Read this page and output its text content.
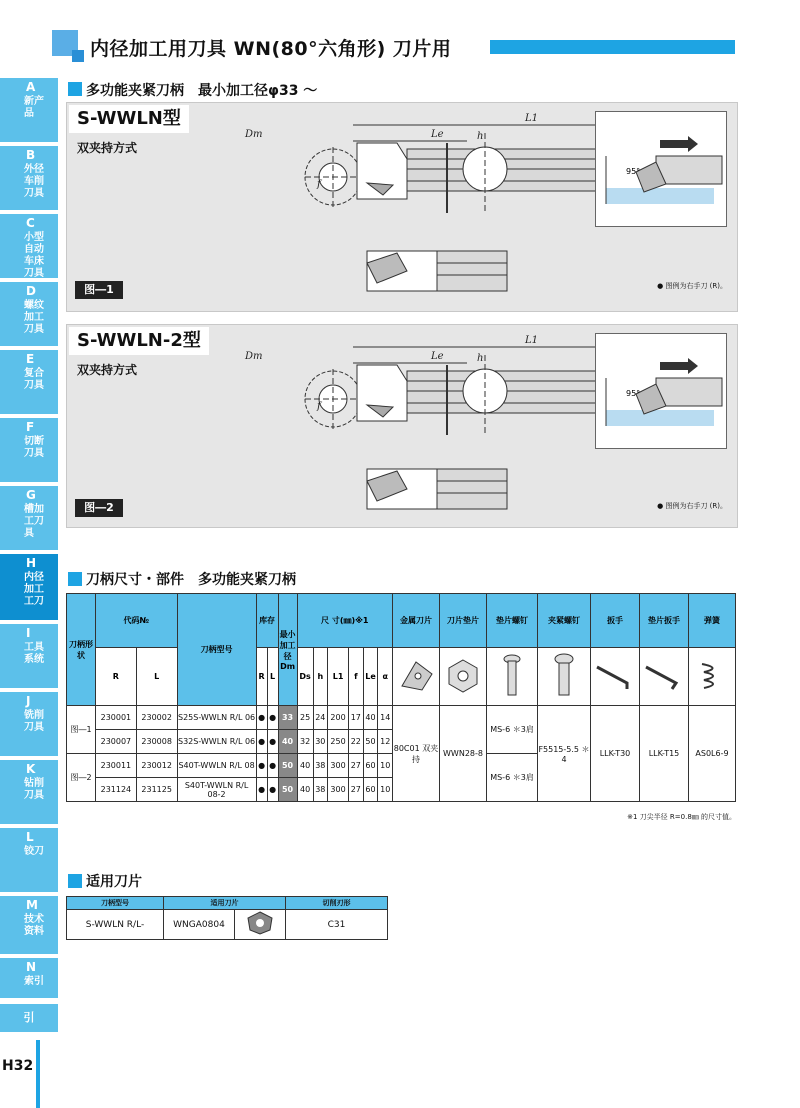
内径加工用刀具 WN(80°六角形) 刀片用
A
新产品
B
外径车削刀具
C
小型自动车床刀具
D
螺纹加工刀具
E
复合刀具
F
切断刀具
G
槽加工刀具
H
内径加工工刀
I
工具系统
J
铣削刀具
K
钻削刀具
L
铰刀
M
技术资料
N
索引
引
H32
多功能夹紧刀柄　最小加工径φ33 ～
Dm
L1
Le	h
f
S-WWLN型
双夹持方式
95°
图―1	● 图例为右手刀 (R)。
Dm
L1
Le	h
f
S-WWLN-2型
双夹持方式
95°
图―2	● 图例为右手刀 (R)。
刀柄尺寸・部件　多功能夹紧刀柄
刀柄形状	代码№		刀柄型号	库存		最小加工径Dm	尺 寸(㎜)※1						金属刀片	刀片垫片	垫片螺钉	夹紧螺钉	扳手	垫片扳手	弹簧
	R	L		R	L		Ds	h	L1	f	Le	α							
图―1	230001	230002	S25S-WWLN R/L 06	●	●	33	25	24	200	17	40	14	80C01 双夹持	WWN28-8	MS-6 ＊3肩	F5515-5.5 ＊4	LLK-T30	LLK-T15	AS0L6-9
	230007	230008	S32S-WWLN R/L 06	●	●	40	32	30	250	22	50	12							
图―2	230011	230012	S40T-WWLN R/L 08	●	●	50	40	38	300	27	60	10			MS-6 ＊3肩				
	231124	231125	S40T-WWLN R/L 08-2	●	●	50	40	38	300	27	60	10							
※1 刀尖半径 R=0.8㎜ 的尺寸值。
适用刀片
刀柄型号	适用刀片		切削刃形
S-WWLN R/L-	WNGA0804		C31
